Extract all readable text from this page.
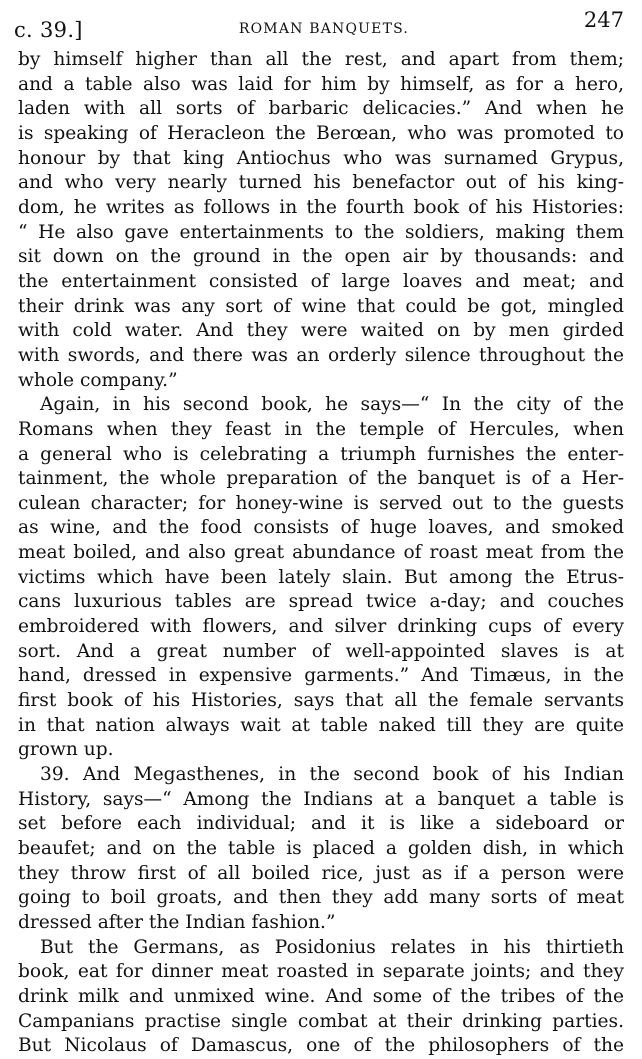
c. 39.]	ROMAN BANQUETS.	247
by himself higher than all the rest, and apart from them;
and a table also was laid for him by himself, as for a hero,
laden with all sorts of barbaric delicacies.” And when he
is speaking of Heracleon the Berœan, who was promoted to
honour by that king Antiochus who was surnamed Grypus,
and who very nearly turned his benefactor out of his king-
dom, he writes as follows in the fourth book of his Histories:
“ He also gave entertainments to the soldiers, making them
sit down on the ground in the open air by thousands: and
the entertainment consisted of large loaves and meat; and
their drink was any sort of wine that could be got, mingled
with cold water. And they were waited on by men girded
with swords, and there was an orderly silence throughout the
whole company.”
Again, in his second book, he says—“ In the city of the
Romans when they feast in the temple of Hercules, when
a general who is celebrating a triumph furnishes the enter-
tainment, the whole preparation of the banquet is of a Her-
culean character; for honey-wine is served out to the guests
as wine, and the food consists of huge loaves, and smoked
meat boiled, and also great abundance of roast meat from the
victims which have been lately slain. But among the Etrus-
cans luxurious tables are spread twice a-day; and couches
embroidered with flowers, and silver drinking cups of every
sort. And a great number of well-appointed slaves is at
hand, dressed in expensive garments.” And Timæus, in the
first book of his Histories, says that all the female servants
in that nation always wait at table naked till they are quite
grown up.
39. And Megasthenes, in the second book of his Indian
History, says—“ Among the Indians at a banquet a table is
set before each individual; and it is like a sideboard or
beaufet; and on the table is placed a golden dish, in which
they throw first of all boiled rice, just as if a person were
going to boil groats, and then they add many sorts of meat
dressed after the Indian fashion.”
But the Germans, as Posidonius relates in his thirtieth
book, eat for dinner meat roasted in separate joints; and they
drink milk and unmixed wine. And some of the tribes of the
Campanians practise single combat at their drinking parties.
But Nicolaus of Damascus, one of the philosophers of the
